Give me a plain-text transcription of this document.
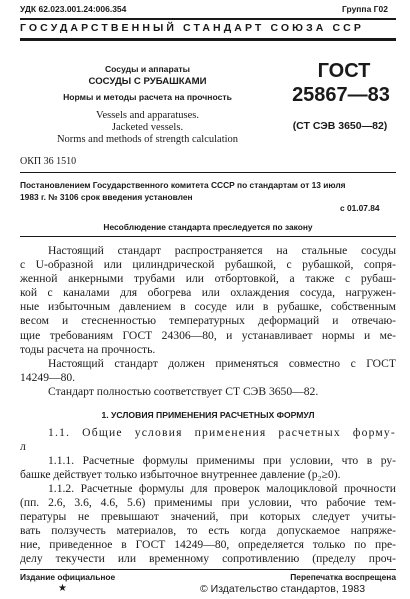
УДК 62.023.001.24:006.354	Группа Г02
ГОСУДАРСТВЕННЫЙ СТАНДАРТ СОЮЗА ССР
Сосуды и аппараты
СОСУДЫ С РУБАШКАМИ
Нормы и методы расчета на прочность
Vessels and apparatuses.
Jacketed vessels.
Norms and methods of strength calculation
ГОСТ
25867—83
(СТ СЭВ 3650—82)
ОКП 36 1510
Постановлением Государственного комитета СССР по стандартам от 13 июля
1983 г. № 3106 срок введения установлен
с 01.07.84
Несоблюдение стандарта преследуется по закону

Настоящий стандарт распространяется на стальные сосуды
с U-образной или цилиндрической рубашкой, с рубашкой, сопря-
женной анкерными трубами или отбортовкой, а также с рубаш-
кой с каналами для обогрева или охлаждения сосуда, нагружен-
ные избыточным давлением в сосуде или в рубашке, собственным
весом и стесненностью температурных деформаций и отвечаю-
щие требованиям ГОСТ 24306—80, и устанавливает нормы и ме-
тоды расчета на прочность.

Настоящий стандарт должен применяться совместно с ГОСТ
14249—80.

Стандарт полностью соответствует СТ СЭВ 3650—82.

1. УСЛОВИЯ ПРИМЕНЕНИЯ РАСЧЕТНЫХ ФОРМУЛ

1.1. Общие условия применения расчетных форму-
л

1.1.1. Расчетные формулы применимы при условии, что в ру-
башке действует только избыточное внутреннее давление (p₂≥0).

1.1.2. Расчетные формулы для проверок малоцикловой прочности
(пп. 2.6, 3.6, 4.6, 5.6) применимы при условии, что рабочие тем-
пературы не превышают значений, при которых следует учиты-
вать ползучесть материалов, то есть когда допускаемое напряже-
ние, приведенное в ГОСТ 14249—80, определяется только по пре-
делу текучести или временному сопротивлению (пределу проч-

Издание официальное	Перепечатка воспрещена
★	© Издательство стандартов, 1983
